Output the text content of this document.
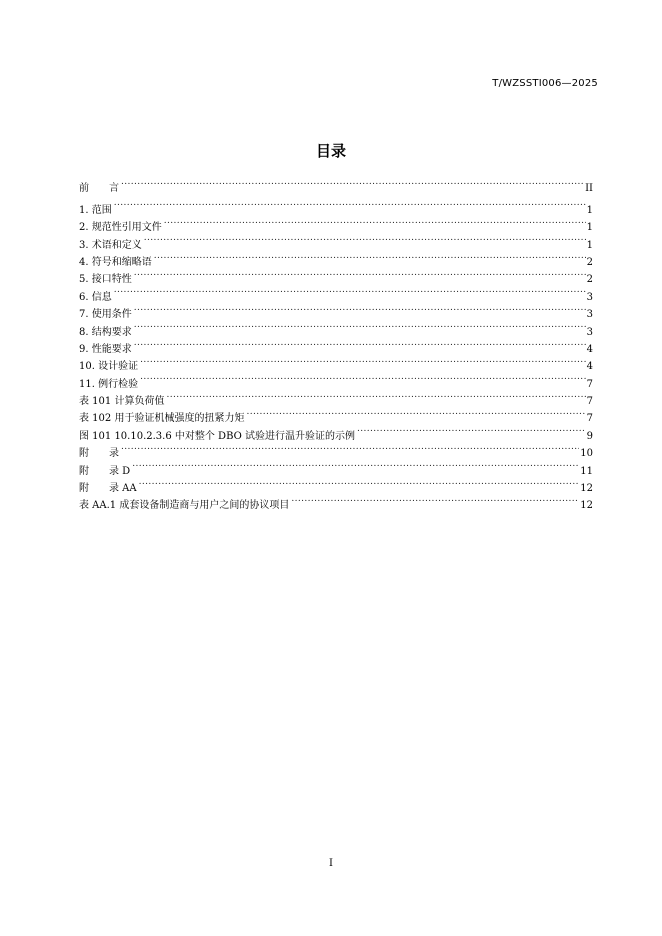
T/WZSSTI006—2025
目录
前　　言 .....	II
1. 范围 .....	1
2. 规范性引用文件 .....	1
3. 术语和定义 .....	1
4. 符号和缩略语 .....	2
5. 接口特性 .....	2
6. 信息 .....	3
7. 使用条件 .....	3
8. 结构要求 .....	3
9. 性能要求 .....	4
10. 设计验证 .....	4
11. 例行检验 .....	7
表 101 计算负荷值 .....	7
表 102 用于验证机械强度的扭紧力矩 .....	7
图 101 10.10.2.3.6 中对整个 DBO 试验进行温升验证的示例 .....	9
附　　录 .....	10
附　　录 D .....	11
附　　录 AA .....	12
表 AA.1 成套设备制造商与用户之间的协议项目 .....	12
I
